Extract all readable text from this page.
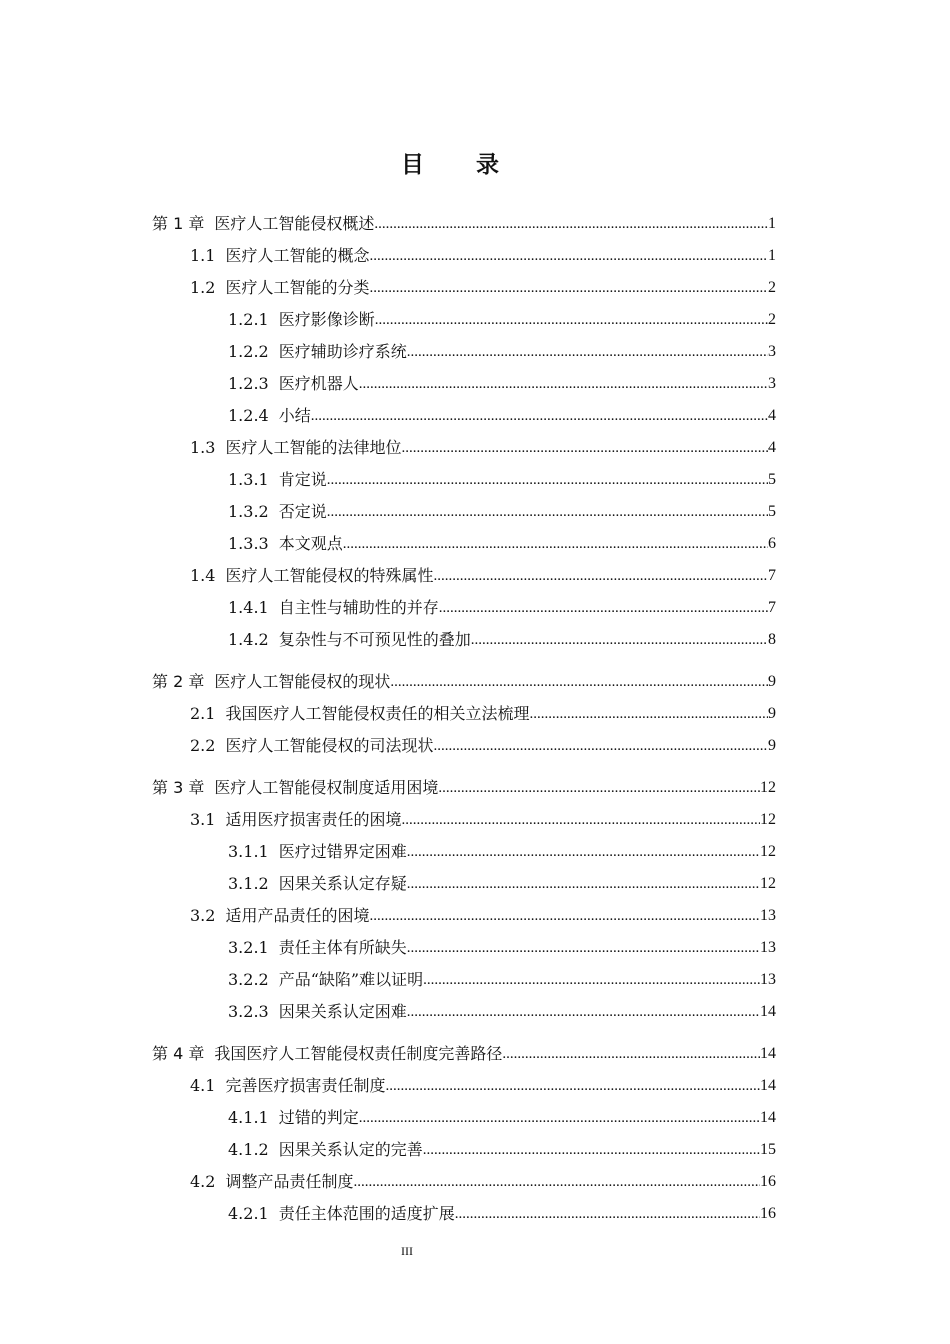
目 录
第 1 章 医疗人工智能侵权概述 .....	1
1.1 医疗人工智能的概念 .....	1
1.2 医疗人工智能的分类 .....	2
1.2.1 医疗影像诊断 .....	2
1.2.2 医疗辅助诊疗系统 .....	3
1.2.3 医疗机器人 .....	3
1.2.4 小结 .....	4
1.3 医疗人工智能的法律地位 .....	4
1.3.1 肯定说 .....	5
1.3.2 否定说 .....	5
1.3.3 本文观点 .....	6
1.4 医疗人工智能侵权的特殊属性 .....	7
1.4.1 自主性与辅助性的并存 .....	7
1.4.2 复杂性与不可预见性的叠加 .....	8
第 2 章 医疗人工智能侵权的现状 .....	9
2.1 我国医疗人工智能侵权责任的相关立法梳理 .....	9
2.2 医疗人工智能侵权的司法现状 .....	9
第 3 章 医疗人工智能侵权制度适用困境 .....	12
3.1 适用医疗损害责任的困境 .....	12
3.1.1 医疗过错界定困难 .....	12
3.1.2 因果关系认定存疑 .....	12
3.2 适用产品责任的困境 .....	13
3.2.1 责任主体有所缺失 .....	13
3.2.2 产品“缺陷”难以证明 .....	13
3.2.3 因果关系认定困难 .....	14
第 4 章 我国医疗人工智能侵权责任制度完善路径 .....	14
4.1 完善医疗损害责任制度 .....	14
4.1.1 过错的判定 .....	14
4.1.2 因果关系认定的完善 .....	15
4.2 调整产品责任制度 .....	16
4.2.1 责任主体范围的适度扩展 .....	16
III
